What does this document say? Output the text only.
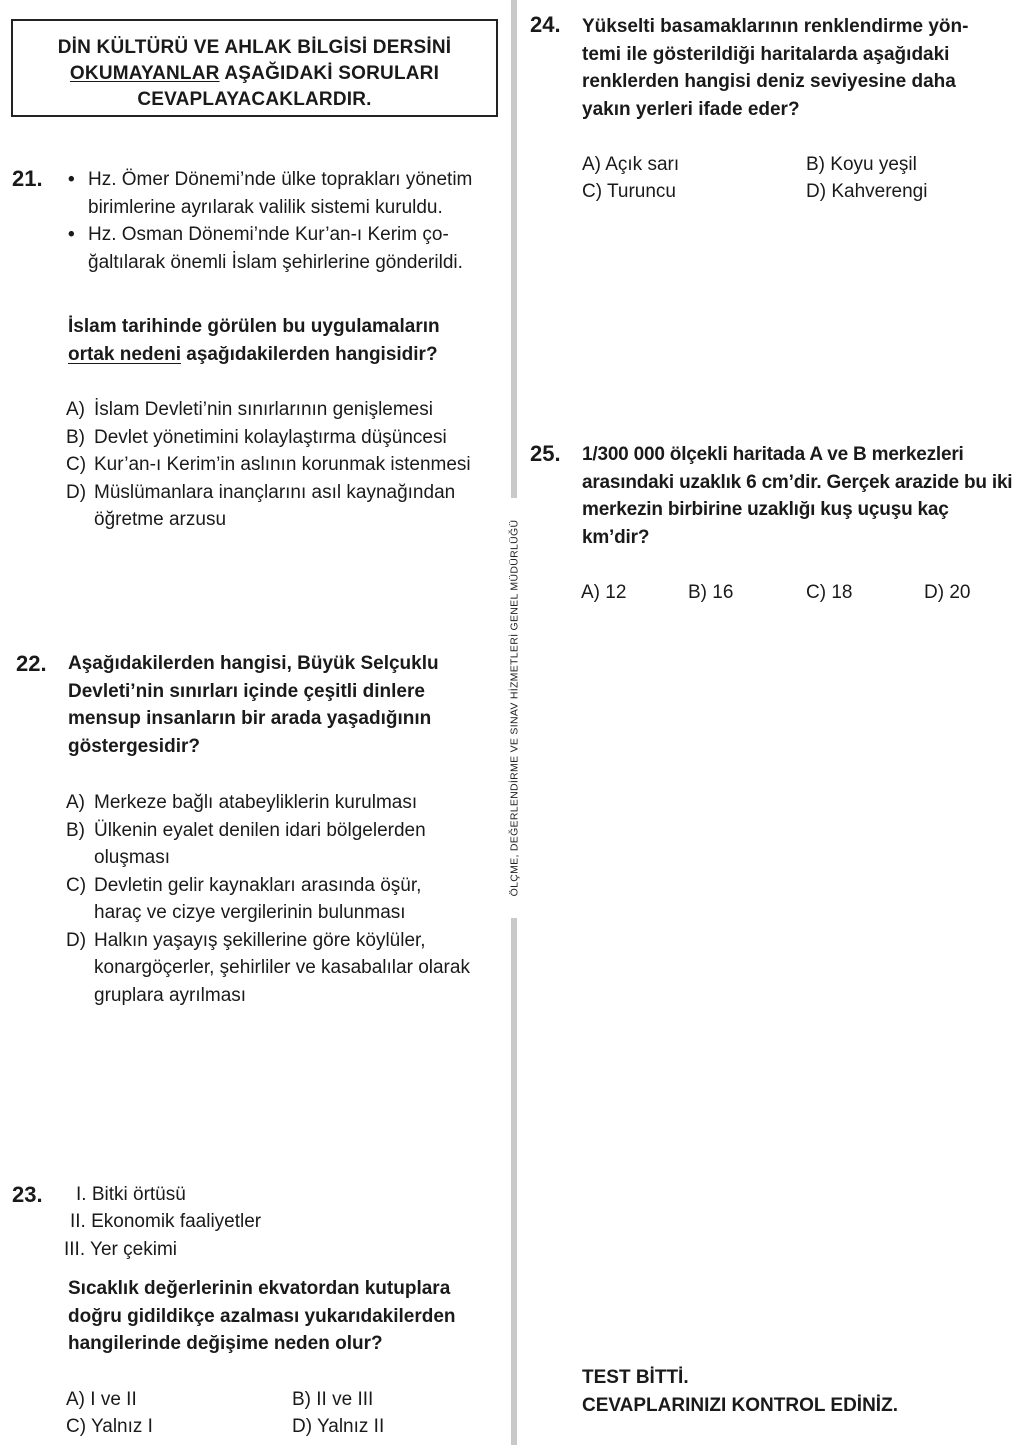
DİN KÜLTÜRÜ VE AHLAK BİLGİSİ DERSİNİ
OKUMAYANLAR AŞAĞIDAKİ SORULARI
CEVAPLAYACAKLARDIR.
ÖLÇME, DEĞERLENDİRME VE SINAV HİZMETLERİ GENEL MÜDÜRLÜĞÜ
21. • Hz. Ömer Dönemi’nde ülke toprakları yönetim birimlerine ayrılarak valilik sistemi kuruldu.
• Hz. Osman Dönemi’nde Kur’an-ı Kerim ço-ğaltılarak önemli İslam şehirlerine gönderildi.
İslam tarihinde görülen bu uygulamaların
ortak nedeni aşağıdakilerden hangisidir?
A) İslam Devleti’nin sınırlarının genişlemesi
B) Devlet yönetimini kolaylaştırma düşüncesi
C) Kur’an-ı Kerim’in aslının korunmak istenmesi
D) Müslümanlara inançlarını asıl kaynağından öğretme arzusu
22. Aşağıdakilerden hangisi, Büyük Selçuklu Devleti’nin sınırları içinde çeşitli dinlere mensup insanların bir arada yaşadığının göstergesidir?
A) Merkeze bağlı atabeyliklerin kurulması
B) Ülkenin eyalet denilen idari bölgelerden oluşması
C) Devletin gelir kaynakları arasında öşür, haraç ve cizye vergilerinin bulunması
D) Halkın yaşayış şekillerine göre köylüler, konargöçerler, şehirliler ve kasabalılar olarak gruplara ayrılması
23. I. Bitki örtüsü
II. Ekonomik faaliyetler
III. Yer çekimi
Sıcaklık değerlerinin ekvatordan kutuplara doğru gidildikçe azalması yukarıdakilerden hangilerinde değişime neden olur?
A) I ve II	B) II ve III
C) Yalnız I	D) Yalnız II
24. Yükselti basamaklarının renklendirme yön-temi ile gösterildiği haritalarda aşağıdaki renklerden hangisi deniz seviyesine daha yakın yerleri ifade eder?
A) Açık sarı	B) Koyu yeşil
C) Turuncu	D) Kahverengi
25. 1/300 000 ölçekli haritada A ve B merkezleri arasındaki uzaklık 6 cm’dir. Gerçek arazide bu iki merkezin birbirine uzaklığı kuş uçuşu kaç km’dir?
A) 12	B) 16	C) 18	D) 20
TEST BİTTİ.
CEVAPLARINIZI KONTROL EDİNİZ.
